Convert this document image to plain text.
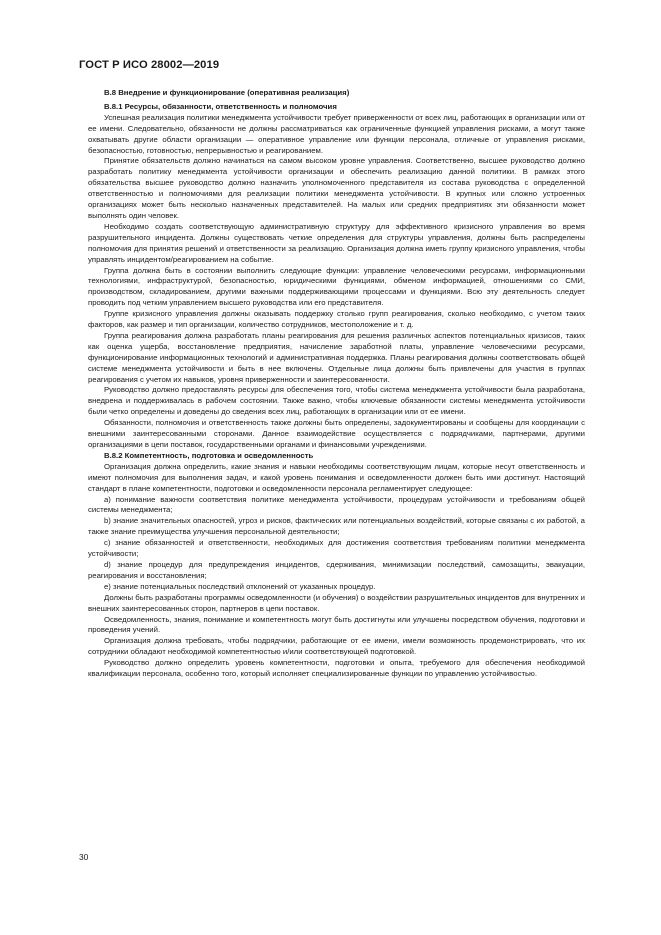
ГОСТ Р ИСО 28002—2019
B.8 Внедрение и функционирование (оперативная реализация)
B.8.1 Ресурсы, обязанности, ответственность и полномочия

Успешная реализация политики менеджмента устойчивости требует приверженности от всех лиц, работающих в организации или от ее имени. Следовательно, обязанности не должны рассматриваться как ограниченные функцией управления рисками, а могут также охватывать другие области организации — оперативное управление или функции персонала, отличные от управления рисками, безопасностью, готовностью, непрерывностью и реагированием.

Принятие обязательств должно начинаться на самом высоком уровне управления. Соответственно, высшее руководство должно разработать политику менеджмента устойчивости организации и обеспечить реализацию данной политики. В рамках этого обязательства высшее руководство должно назначить уполномоченного представителя из состава руководства с определенной ответственностью и полномочиями для реализации политики менеджмента устойчивости. В крупных или сложно устроенных организациях может быть несколько назначенных представителей. На малых или средних предприятиях эти обязанности может выполнять один человек.

Необходимо создать соответствующую административную структуру для эффективного кризисного управления во время разрушительного инцидента. Должны существовать четкие определения для структуры управления, должны быть распределены полномочия для принятия решений и ответственности за реализацию. Организация должна иметь группу кризисного управления, чтобы управлять инцидентом/реагированием на событие.

Группа должна быть в состоянии выполнить следующие функции: управление человеческими ресурсами, информационными технологиями, инфраструктурой, безопасностью, юридическими функциями, обменом информацией, отношениями со СМИ, производством, складированием, другими важными поддерживающими процессами и функциями. Всю эту деятельность следует проводить под четким управлением высшего руководства или его представителя.

Группе кризисного управления должны оказывать поддержку столько групп реагирования, сколько необходимо, с учетом таких факторов, как размер и тип организации, количество сотрудников, местоположение и т. д.

Группа реагирования должна разработать планы реагирования для решения различных аспектов потенциальных кризисов, таких как оценка ущерба, восстановление предприятия, начисление заработной платы, управление человеческими ресурсами, функционирование информационных технологий и административная поддержка. Планы реагирования должны соответствовать общей системе менеджмента устойчивости и быть в нее включены. Отдельные лица должны быть привлечены для участия в группах реагирования с учетом их навыков, уровня приверженности и заинтересованности.

Руководство должно предоставлять ресурсы для обеспечения того, чтобы система менеджмента устойчивости была разработана, внедрена и поддерживалась в рабочем состоянии. Также важно, чтобы ключевые обязанности системы менеджмента устойчивости были четко определены и доведены до сведения всех лиц, работающих в организации или от ее имени.

Обязанности, полномочия и ответственность также должны быть определены, задокументированы и сообщены для координации с внешними заинтересованными сторонами. Данное взаимодействие осуществляется с подрядчиками, партнерами, другими организациями в цепи поставок, государственными органами и финансовыми учреждениями.

B.8.2 Компетентность, подготовка и осведомленность

Организация должна определить, какие знания и навыки необходимы соответствующим лицам, которые несут ответственность и имеют полномочия для выполнения задач, и какой уровень понимания и осведомленности должен быть ими достигнут. Настоящий стандарт в плане компетентности, подготовки и осведомленности персонала регламентирует следующее:

a) понимание важности соответствия политике менеджмента устойчивости, процедурам устойчивости и требованиям общей системы менеджмента;

b) знание значительных опасностей, угроз и рисков, фактических или потенциальных воздействий, которые связаны с их работой, а также знание преимущества улучшения персональной деятельности;

c) знание обязанностей и ответственности, необходимых для достижения соответствия требованиям политики менеджмента устойчивости;

d) знание процедур для предупреждения инцидентов, сдерживания, минимизации последствий, самозащиты, эвакуации, реагирования и восстановления;

e) знание потенциальных последствий отклонений от указанных процедур.

Должны быть разработаны программы осведомленности (и обучения) о воздействии разрушительных инцидентов для внутренних и внешних заинтересованных сторон, партнеров в цепи поставок.

Осведомленность, знания, понимание и компетентность могут быть достигнуты или улучшены посредством обучения, подготовки и проведения учений.

Организация должна требовать, чтобы подрядчики, работающие от ее имени, имели возможность продемонстрировать, что их сотрудники обладают необходимой компетентностью и/или соответствующей подготовкой.

Руководство должно определить уровень компетентности, подготовки и опыта, требуемого для обеспечения необходимой квалификации персонала, особенно того, который исполняет специализированные функции по управлению устойчивостью.

30
